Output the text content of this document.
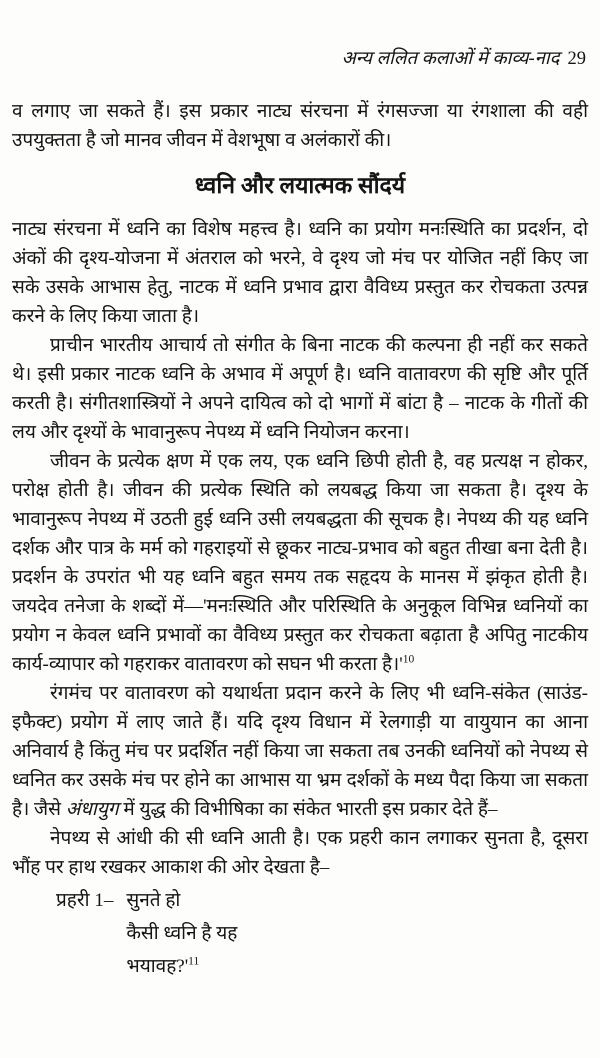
अन्य ललित कलाओं में काव्य-नाद 29

व लगाए जा सकते हैं। इस प्रकार नाट्य संरचना में रंगसज्जा या रंगशाला की वही उपयुक्तता है जो मानव जीवन में वेशभूषा व अलंकारों की।

ध्वनि और लयात्मक सौंदर्य

नाट्य संरचना में ध्वनि का विशेष महत्त्व है। ध्वनि का प्रयोग मनःस्थिति का प्रदर्शन, दो अंकों की दृश्य-योजना में अंतराल को भरने, वे दृश्य जो मंच पर योजित नहीं किए जा सके उसके आभास हेतु, नाटक में ध्वनि प्रभाव द्वारा वैविध्य प्रस्तुत कर रोचकता उत्पन्न करने के लिए किया जाता है।

प्राचीन भारतीय आचार्य तो संगीत के बिना नाटक की कल्पना ही नहीं कर सकते थे। इसी प्रकार नाटक ध्वनि के अभाव में अपूर्ण है। ध्वनि वातावरण की सृष्टि और पूर्ति करती है। संगीतशास्त्रियों ने अपने दायित्व को दो भागों में बांटा है – नाटक के गीतों की लय और दृश्यों के भावानुरूप नेपथ्य में ध्वनि नियोजन करना।

जीवन के प्रत्येक क्षण में एक लय, एक ध्वनि छिपी होती है, वह प्रत्यक्ष न होकर, परोक्ष होती है। जीवन की प्रत्येक स्थिति को लयबद्ध किया जा सकता है। दृश्य के भावानुरूप नेपथ्य में उठती हुई ध्वनि उसी लयबद्धता की सूचक है। नेपथ्य की यह ध्वनि दर्शक और पात्र के मर्म को गहराइयों से छूकर नाट्य-प्रभाव को बहुत तीखा बना देती है। प्रदर्शन के उपरांत भी यह ध्वनि बहुत समय तक सहृदय के मानस में झंकृत होती है। जयदेव तनेजा के शब्दों में—'मनःस्थिति और परिस्थिति के अनुकूल विभिन्न ध्वनियों का प्रयोग न केवल ध्वनि प्रभावों का वैविध्य प्रस्तुत कर रोचकता बढ़ाता है अपितु नाटकीय कार्य-व्यापार को गहराकर वातावरण को सघन भी करता है।'$^{10}$

रंगमंच पर वातावरण को यथार्थता प्रदान करने के लिए भी ध्वनि-संकेत (साउंड-इफैक्ट) प्रयोग में लाए जाते हैं। यदि दृश्य विधान में रेलगाड़ी या वायुयान का आना अनिवार्य है किंतु मंच पर प्रदर्शित नहीं किया जा सकता तब उनकी ध्वनियों को नेपथ्य से ध्वनित कर उसके मंच पर होने का आभास या भ्रम दर्शकों के मध्य पैदा किया जा सकता है। जैसे अंधायुग में युद्ध की विभीषिका का संकेत भारती इस प्रकार देते हैं–

नेपथ्य से आंधी की सी ध्वनि आती है। एक प्रहरी कान लगाकर सुनता है, दूसरा भौंह पर हाथ रखकर आकाश की ओर देखता है–

प्रहरी 1– सुनते हो
कैसी ध्वनि है यह
भयावह?'$^{11}$
